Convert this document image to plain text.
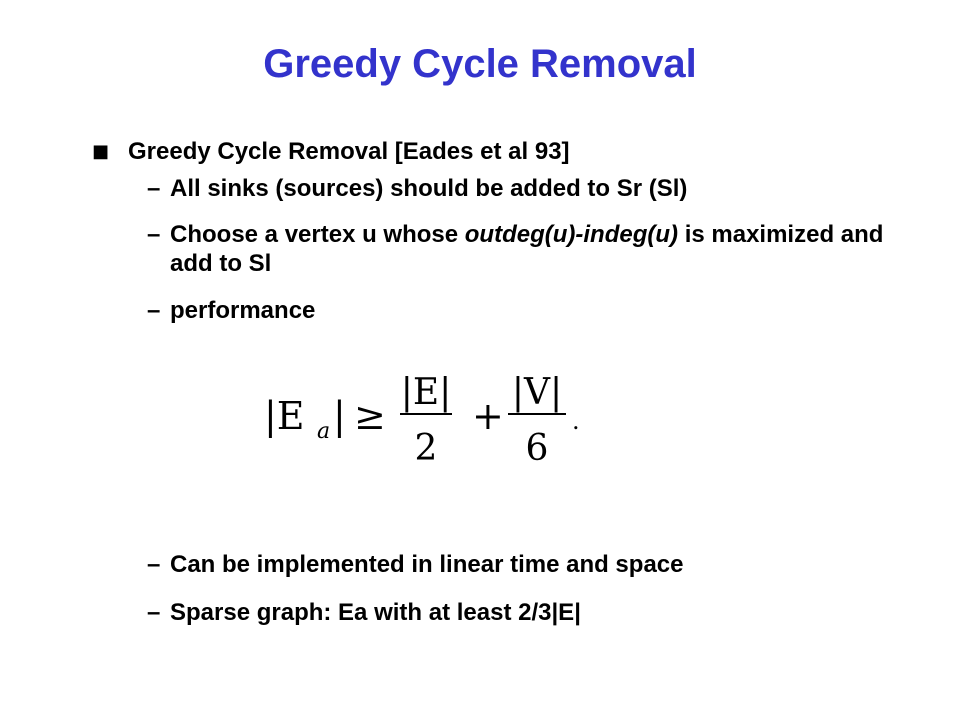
Greedy Cycle Removal
■ Greedy Cycle Removal [Eades et al 93]
– All sinks (sources) should be added to Sr (Sl)
– Choose a vertex u whose outdeg(u)-indeg(u) is maximized and add to Sl
– performance
|E a | ≥
|E|
2
+
|V|
6
.
– Can be implemented in linear time and space
– Sparse graph: Ea with at least 2/3|E|
